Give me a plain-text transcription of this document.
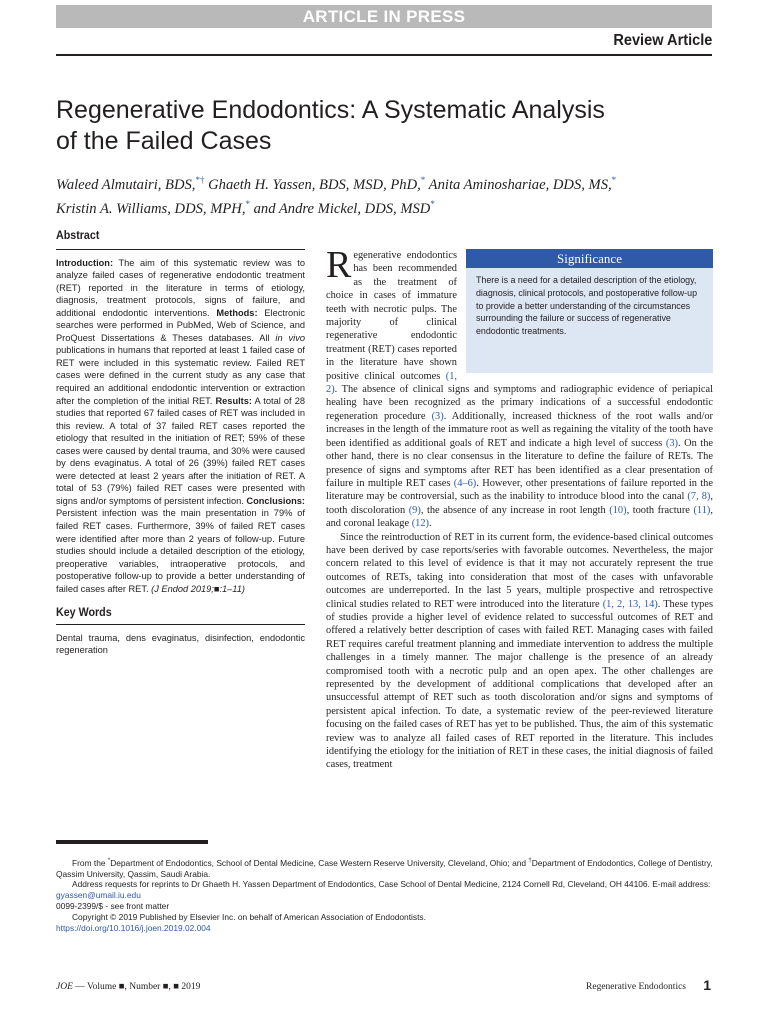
ARTICLE IN PRESS
Review Article
Regenerative Endodontics: A Systematic Analysis of the Failed Cases
Waleed Almutairi, BDS,*† Ghaeth H. Yassen, BDS, MSD, PhD,* Anita Aminoshariae, DDS, MS,*
Kristin A. Williams, DDS, MPH,* and Andre Mickel, DDS, MSD*
Abstract

Introduction: The aim of this systematic review was to analyze failed cases of regenerative endodontic treatment (RET) reported in the literature in terms of etiology, diagnosis, treatment protocols, signs of failure, and additional endodontic interventions. Methods: Electronic searches were performed in PubMed, Web of Science, and ProQuest Dissertations & Theses databases. All in vivo publications in humans that reported at least 1 failed case of RET were included in this systematic review. Failed RET cases were defined in the current study as any case that required an additional endodontic intervention or extraction after the completion of the initial RET. Results: A total of 28 studies that reported 67 failed cases of RET was included in this review. A total of 37 failed RET cases reported the etiology that resulted in the initiation of RET; 59% of these cases were caused by dental trauma, and 30% were caused by dens evaginatus. A total of 26 (39%) failed RET cases were detected at least 2 years after the initiation of RET. A total of 53 (79%) failed RET cases were presented with signs and/or symptoms of persistent infection. Conclusions: Persistent infection was the main presentation in 79% of failed RET cases. Furthermore, 39% of failed RET cases were identified after more than 2 years of follow-up. Future studies should include a detailed description of the etiology, preoperative variables, intraoperative protocols, and postoperative follow-up to provide a better understanding of failed cases after RET. (J Endod 2019;■:1–11)

Key Words

Dental trauma, dens evaginatus, disinfection, endodontic regeneration

Regenerative endodontics has been recommended as the treatment of choice in cases of immature teeth with necrotic pulps. The majority of clinical regenerative endodontic treatment (RET) cases reported in the literature have shown positive clinical outcomes (1, 2). The absence of clinical signs and symptoms and radiographic evidence of periapical healing have been recognized as the primary indications of a successful endodontic regeneration procedure (3). Additionally, increased thickness of the root walls and/or increases in the length of the immature root as well as regaining the vitality of the tooth have been identified as additional goals of RET and indicate a high level of success (3). On the other hand, there is no clear consensus in the literature to define the failure of RETs. The presence of signs and symptoms after RET has been identified as a clear presentation of failure in multiple RET cases (4–6). However, other presentations of failure reported in the literature may be controversial, such as the inability to introduce blood into the canal (7, 8), tooth discoloration (9), the absence of any increase in root length (10), tooth fracture (11), and coronal leakage (12).

Since the reintroduction of RET in its current form, the evidence-based clinical outcomes have been derived by case reports/series with favorable outcomes. Nevertheless, the major concern related to this level of evidence is that it may not accurately represent the true outcomes of RETs, taking into consideration that most of the cases with unfavorable outcomes are underreported. In the last 5 years, multiple prospective and retrospective clinical studies related to RET were introduced into the literature (1, 2, 13, 14). These types of studies provide a higher level of evidence related to successful outcomes of RET and offered a relatively better description of cases with failed RET. Managing cases with failed RET requires careful treatment planning and immediate intervention to address the multiple challenges in a timely manner. The major challenge is the presence of an already compromised tooth with a necrotic pulp and an open apex. The other challenges are represented by the development of additional complications that developed after an unsuccessful attempt of RET such as tooth discoloration and/or signs and symptoms of persistent apical infection. To date, a systematic review of the peer-reviewed literature focusing on the failed cases of RET has yet to be published. Thus, the aim of this systematic review was to analyze all failed cases of RET reported in the literature. This includes identifying the etiology for the initiation of RET in these cases, the initial diagnosis of failed cases, treatment

Significance
There is a need for a detailed description of the etiology, diagnosis, clinical protocols, and postoperative follow-up to provide a better understanding of the circumstances surrounding the failure or success of regenerative endodontic treatments.

From the *Department of Endodontics, School of Dental Medicine, Case Western Reserve University, Cleveland, Ohio; and †Department of Endodontics, College of Dentistry, Qassim University, Qassim, Saudi Arabia.

Address requests for reprints to Dr Ghaeth H. Yassen Department of Endodontics, Case School of Dental Medicine, 2124 Cornell Rd, Cleveland, OH 44106. E-mail address: gyassen@umail.iu.edu

0099-2399/$ - see front matter

Copyright © 2019 Published by Elsevier Inc. on behalf of American Association of Endodontists.

https://doi.org/10.1016/j.joen.2019.02.004

JOE — Volume ■, Number ■, ■ 2019	Regenerative Endodontics 1
